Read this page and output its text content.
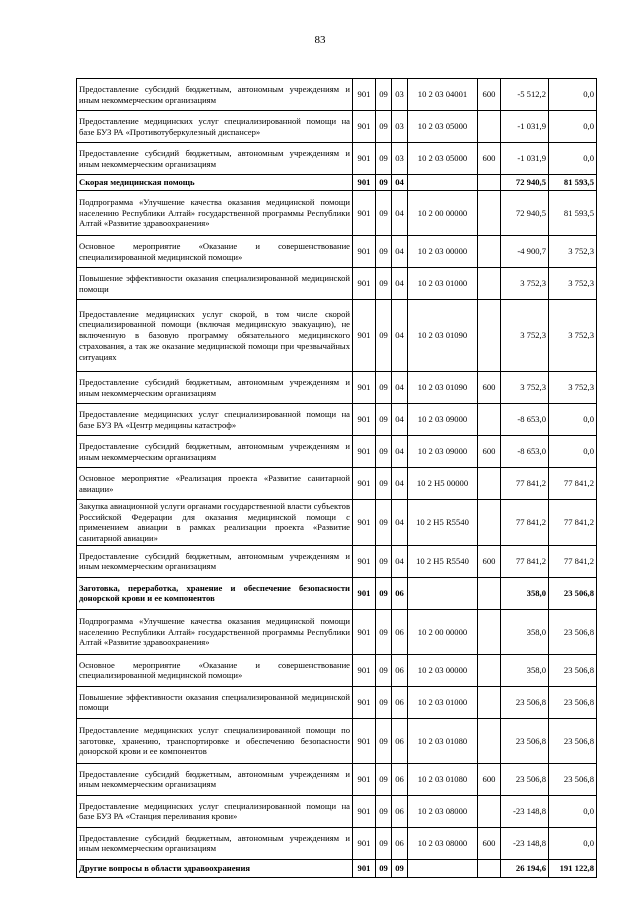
83
Предоставление субсидий бюджетным, автономным учреждениям и иным некоммерческим организациям	901	09	03	10 2 03 04001	600	-5 512,2	0,0
Предоставление медицинских услуг специализированной помощи на базе БУЗ РА «Противотуберкулезный диспансер»	901	09	03	10 2 03 05000		-1 031,9	0,0
Предоставление субсидий бюджетным, автономным учреждениям и иным некоммерческим организациям	901	09	03	10 2 03 05000	600	-1 031,9	0,0
Скорая медицинская помощь	901	09	04			72 940,5	81 593,5
Подпрограмма «Улучшение качества оказания медицинской помощи населению Республики Алтай» государственной программы Республики Алтай «Развитие здравоохранения»	901	09	04	10 2 00 00000		72 940,5	81 593,5
Основное мероприятие «Оказание и совершенствование специализированной медицинской помощи»	901	09	04	10 2 03 00000		-4 900,7	3 752,3
Повышение эффективности оказания специализированной медицинской помощи	901	09	04	10 2 03 01000		3 752,3	3 752,3
Предоставление медицинских услуг скорой, в том числе скорой специализированной помощи (включая медицинскую эвакуацию), не включенную в базовую программу обязательного медицинского страхования, а так же оказание медицинской помощи при чрезвычайных ситуациях	901	09	04	10 2 03 01090		3 752,3	3 752,3
Предоставление субсидий бюджетным, автономным учреждениям и иным некоммерческим организациям	901	09	04	10 2 03 01090	600	3 752,3	3 752,3
Предоставление медицинских услуг специализированной помощи на базе БУЗ РА «Центр медицины катастроф»	901	09	04	10 2 03 09000		-8 653,0	0,0
Предоставление субсидий бюджетным, автономным учреждениям и иным некоммерческим организациям	901	09	04	10 2 03 09000	600	-8 653,0	0,0
Основное мероприятие «Реализация проекта «Развитие санитарной авиации»	901	09	04	10 2 Н5 00000		77 841,2	77 841,2
Закупка авиационной услуги органами государственной власти субъектов Российской Федерации для оказания медицинской помощи с применением авиации в рамках реализации проекта «Развитие санитарной авиации»	901	09	04	10 2 Н5 R5540		77 841,2	77 841,2
Предоставление субсидий бюджетным, автономным учреждениям и иным некоммерческим организациям	901	09	04	10 2 Н5 R5540	600	77 841,2	77 841,2
Заготовка, переработка, хранение и обеспечение безопасности донорской крови и ее компонентов	901	09	06			358,0	23 506,8
Подпрограмма «Улучшение качества оказания медицинской помощи населению Республики Алтай» государственной программы Республики Алтай «Развитие здравоохранения»	901	09	06	10 2 00 00000		358,0	23 506,8
Основное мероприятие «Оказание и совершенствование специализированной медицинской помощи»	901	09	06	10 2 03 00000		358,0	23 506,8
Повышение эффективности оказания специализированной медицинской помощи	901	09	06	10 2 03 01000		23 506,8	23 506,8
Предоставление медицинских услуг специализированной помощи по заготовке, хранению, транспортировке и обеспечению безопасности донорской крови и ее компонентов	901	09	06	10 2 03 01080		23 506,8	23 506,8
Предоставление субсидий бюджетным, автономным учреждениям и иным некоммерческим организациям	901	09	06	10 2 03 01080	600	23 506,8	23 506,8
Предоставление медицинских услуг специализированной помощи на базе БУЗ РА «Станция переливания крови»	901	09	06	10 2 03 08000		-23 148,8	0,0
Предоставление субсидий бюджетным, автономным учреждениям и иным некоммерческим организациям	901	09	06	10 2 03 08000	600	-23 148,8	0,0
Другие вопросы в области здравоохранения	901	09	09			26 194,6	191 122,8
